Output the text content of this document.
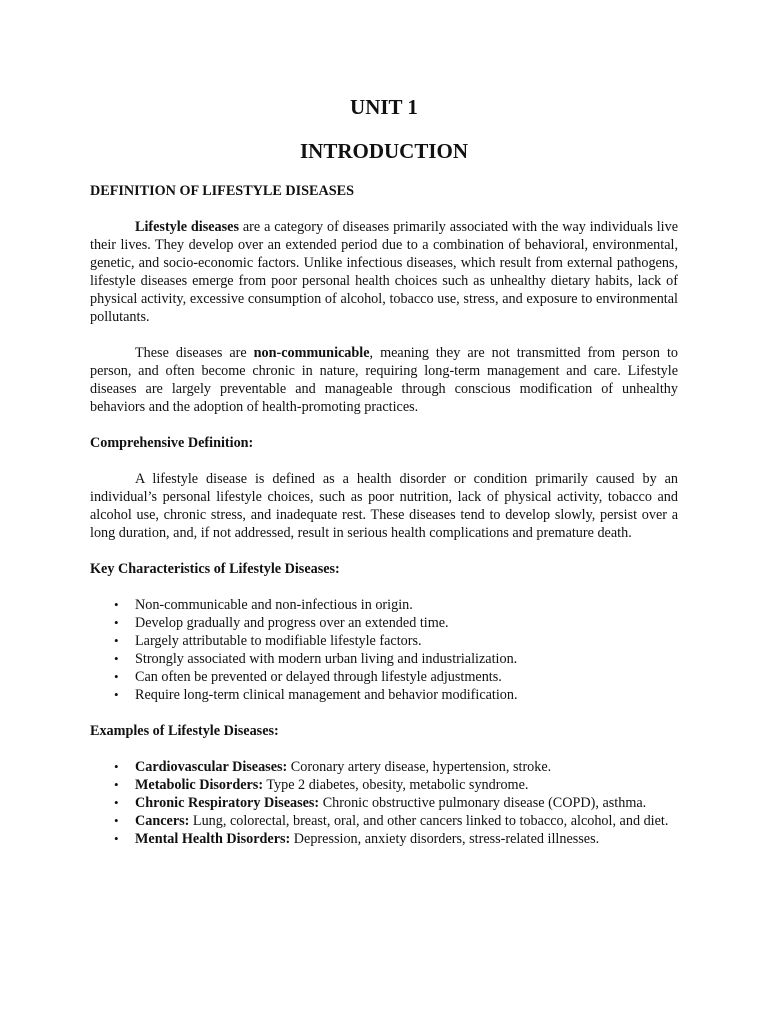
UNIT 1
INTRODUCTION
DEFINITION OF LIFESTYLE DISEASES

Lifestyle diseases are a category of diseases primarily associated with the way individuals live their lives. They develop over an extended period due to a combination of behavioral, environmental, genetic, and socio-economic factors. Unlike infectious diseases, which result from external pathogens, lifestyle diseases emerge from poor personal health choices such as unhealthy dietary habits, lack of physical activity, excessive consumption of alcohol, tobacco use, stress, and exposure to environmental pollutants.

These diseases are non-communicable, meaning they are not transmitted from person to person, and often become chronic in nature, requiring long-term management and care. Lifestyle diseases are largely preventable and manageable through conscious modification of unhealthy behaviors and the adoption of health-promoting practices.

Comprehensive Definition:

A lifestyle disease is defined as a health disorder or condition primarily caused by an individual’s personal lifestyle choices, such as poor nutrition, lack of physical activity, tobacco and alcohol use, chronic stress, and inadequate rest. These diseases tend to develop slowly, persist over a long duration, and, if not addressed, result in serious health complications and premature death.

Key Characteristics of Lifestyle Diseases:
• Non-communicable and non-infectious in origin.
• Develop gradually and progress over an extended time.
• Largely attributable to modifiable lifestyle factors.
• Strongly associated with modern urban living and industrialization.
• Can often be prevented or delayed through lifestyle adjustments.
• Require long-term clinical management and behavior modification.
Examples of Lifestyle Diseases:
• Cardiovascular Diseases: Coronary artery disease, hypertension, stroke.
• Metabolic Disorders: Type 2 diabetes, obesity, metabolic syndrome.
• Chronic Respiratory Diseases: Chronic obstructive pulmonary disease (COPD), asthma.
• Cancers: Lung, colorectal, breast, oral, and other cancers linked to tobacco, alcohol, and diet.
• Mental Health Disorders: Depression, anxiety disorders, stress-related illnesses.
